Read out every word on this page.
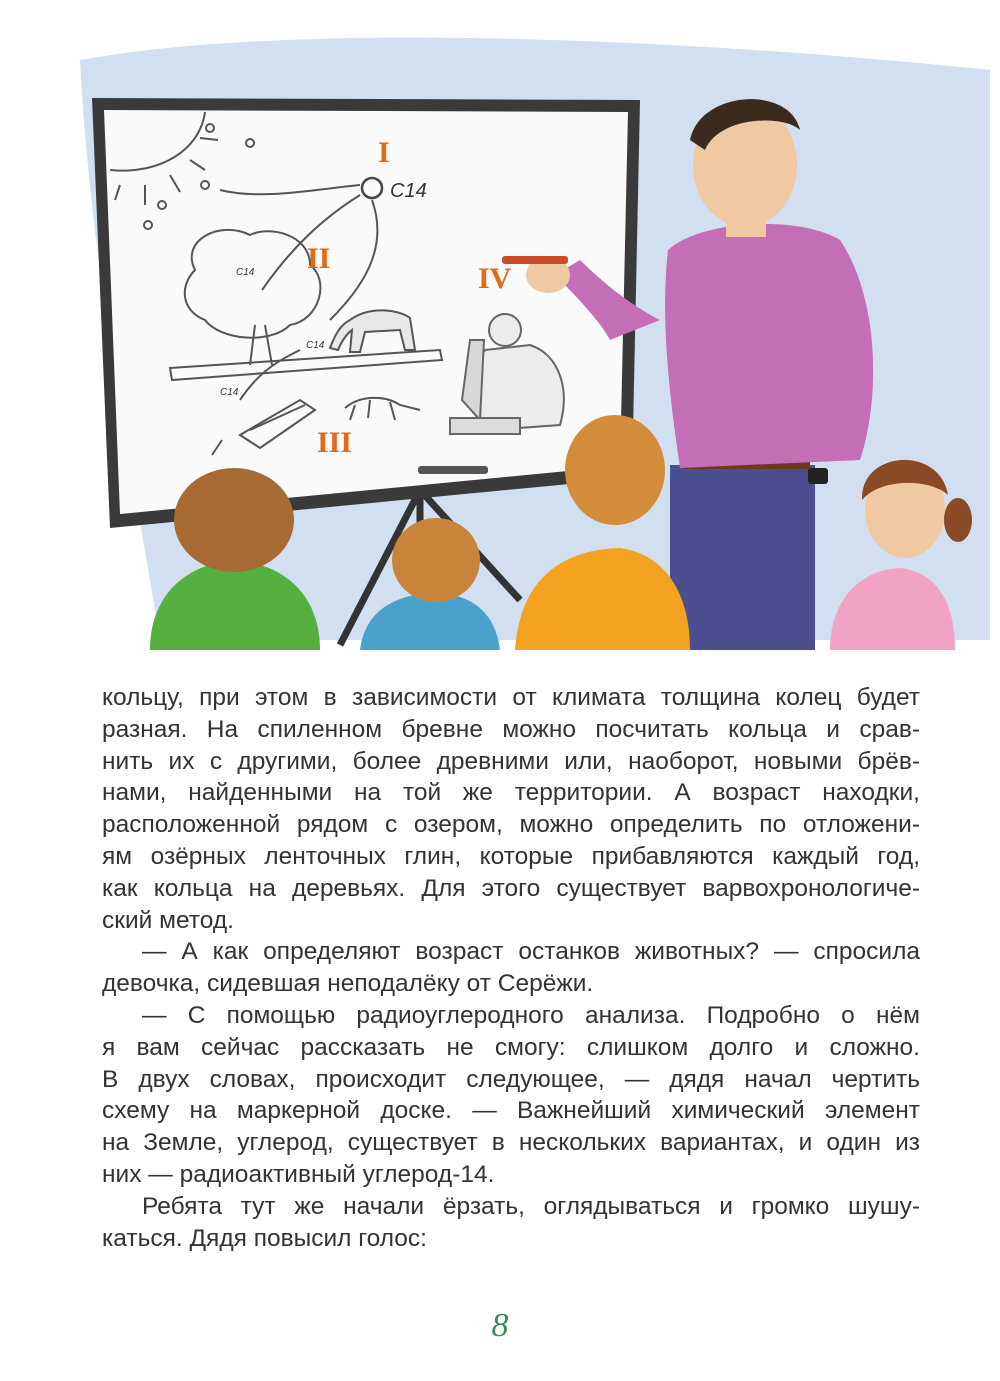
I
II
III
IV
C14
C14
C14
C14
кольцу, при этом в зависимости от климата толщина колец будет
разная. На спиленном бревне можно посчитать кольца и срав-
нить их с другими, более древними или, наоборот, новыми брёв-
нами, найденными на той же территории. А возраст находки,
расположенной рядом с озером, можно определить по отложени-
ям озёрных ленточных глин, которые прибавляются каждый год,
как кольца на деревьях. Для этого существует варвохронологиче-
ский метод.
— А как определяют возраст останков животных? — спросила
девочка, сидевшая неподалёку от Серёжи.
— С помощью радиоуглеродного анализа. Подробно о нём
я вам сейчас рассказать не смогу: слишком долго и сложно.
В двух словах, происходит следующее, — дядя начал чертить
схему на маркерной доске. — Важнейший химический элемент
на Земле, углерод, существует в нескольких вариантах, и один из
них — радиоактивный углерод-14.
Ребята тут же начали ёрзать, оглядываться и громко шушу-
каться. Дядя повысил голос:
8
